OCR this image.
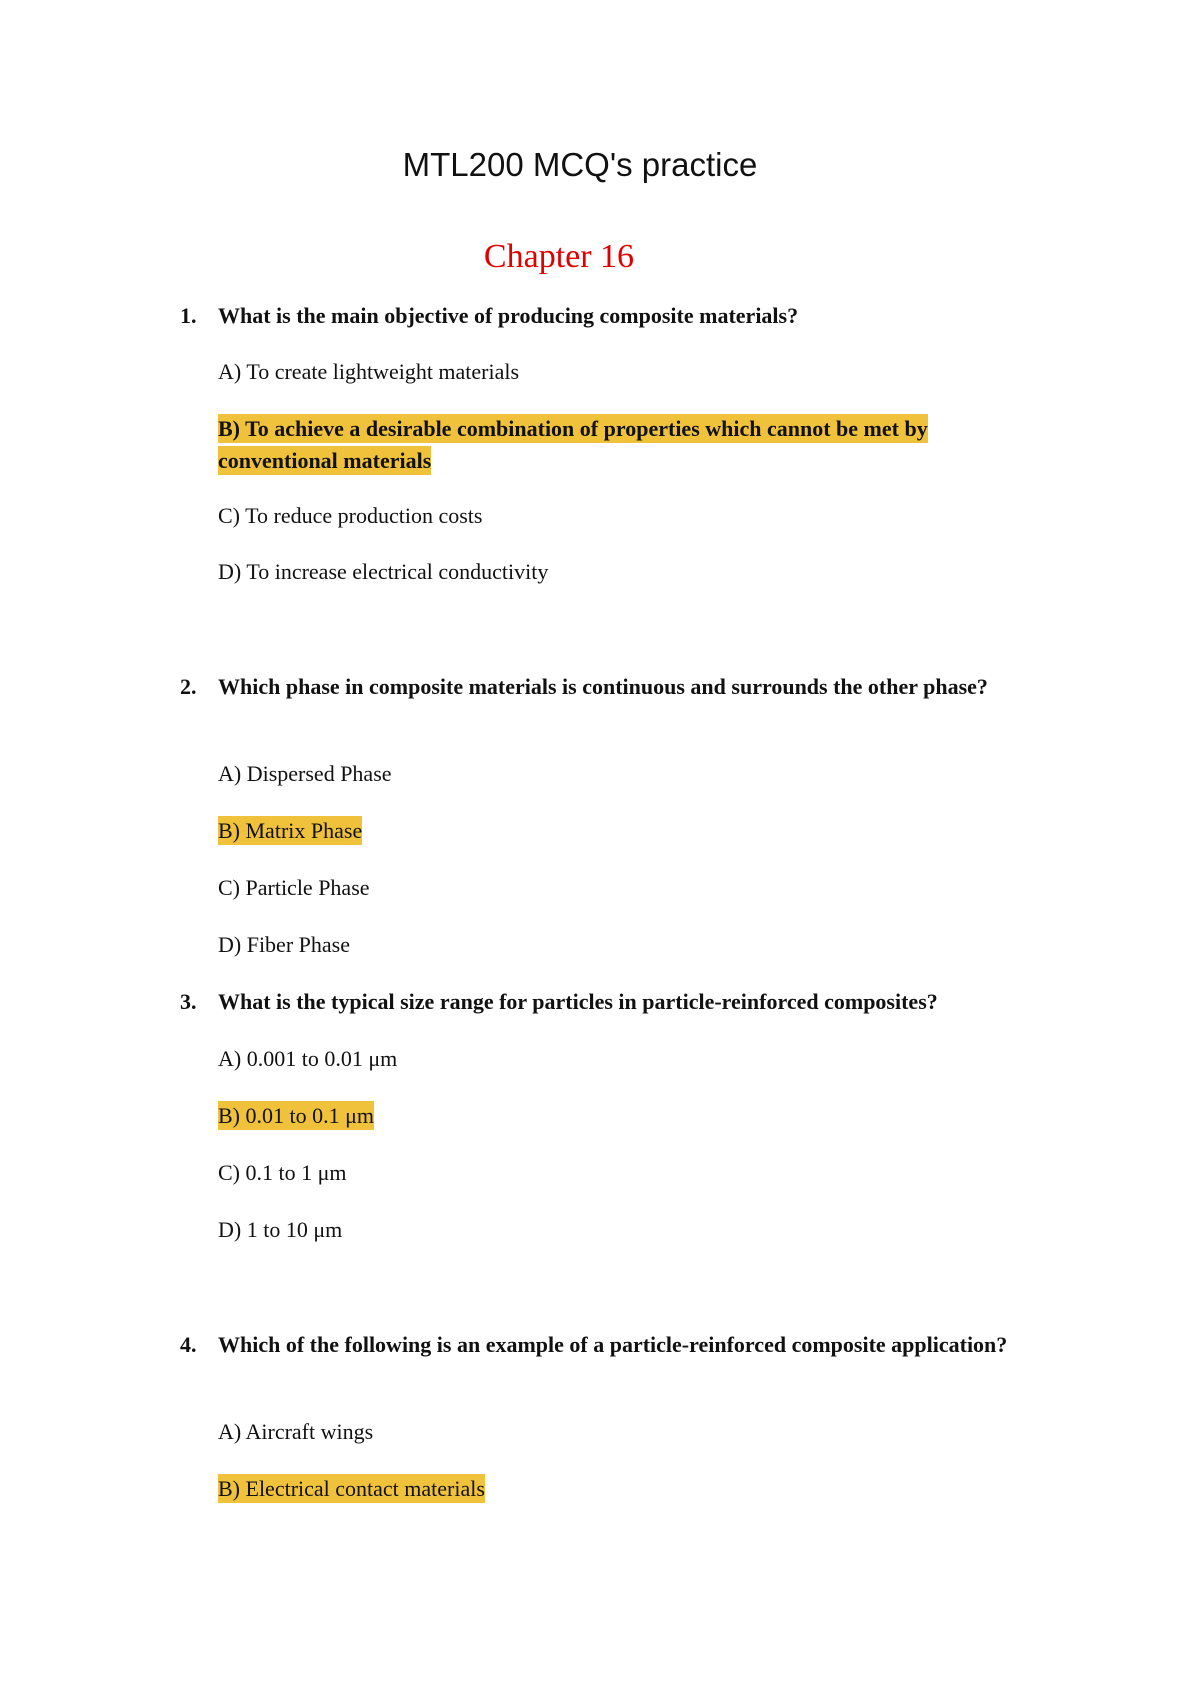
MTL200 MCQ's practice
Chapter 16
1. What is the main objective of producing composite materials?
A) To create lightweight materials
B) To achieve a desirable combination of properties which cannot be met by conventional materials
C) To reduce production costs
D) To increase electrical conductivity
2. Which phase in composite materials is continuous and surrounds the other phase?
A) Dispersed Phase
B) Matrix Phase
C) Particle Phase
D) Fiber Phase
3. What is the typical size range for particles in particle-reinforced composites?
A) 0.001 to 0.01 μm
B) 0.01 to 0.1 μm
C) 0.1 to 1 μm
D) 1 to 10 μm
4. Which of the following is an example of a particle-reinforced composite application?
A) Aircraft wings
B) Electrical contact materials
